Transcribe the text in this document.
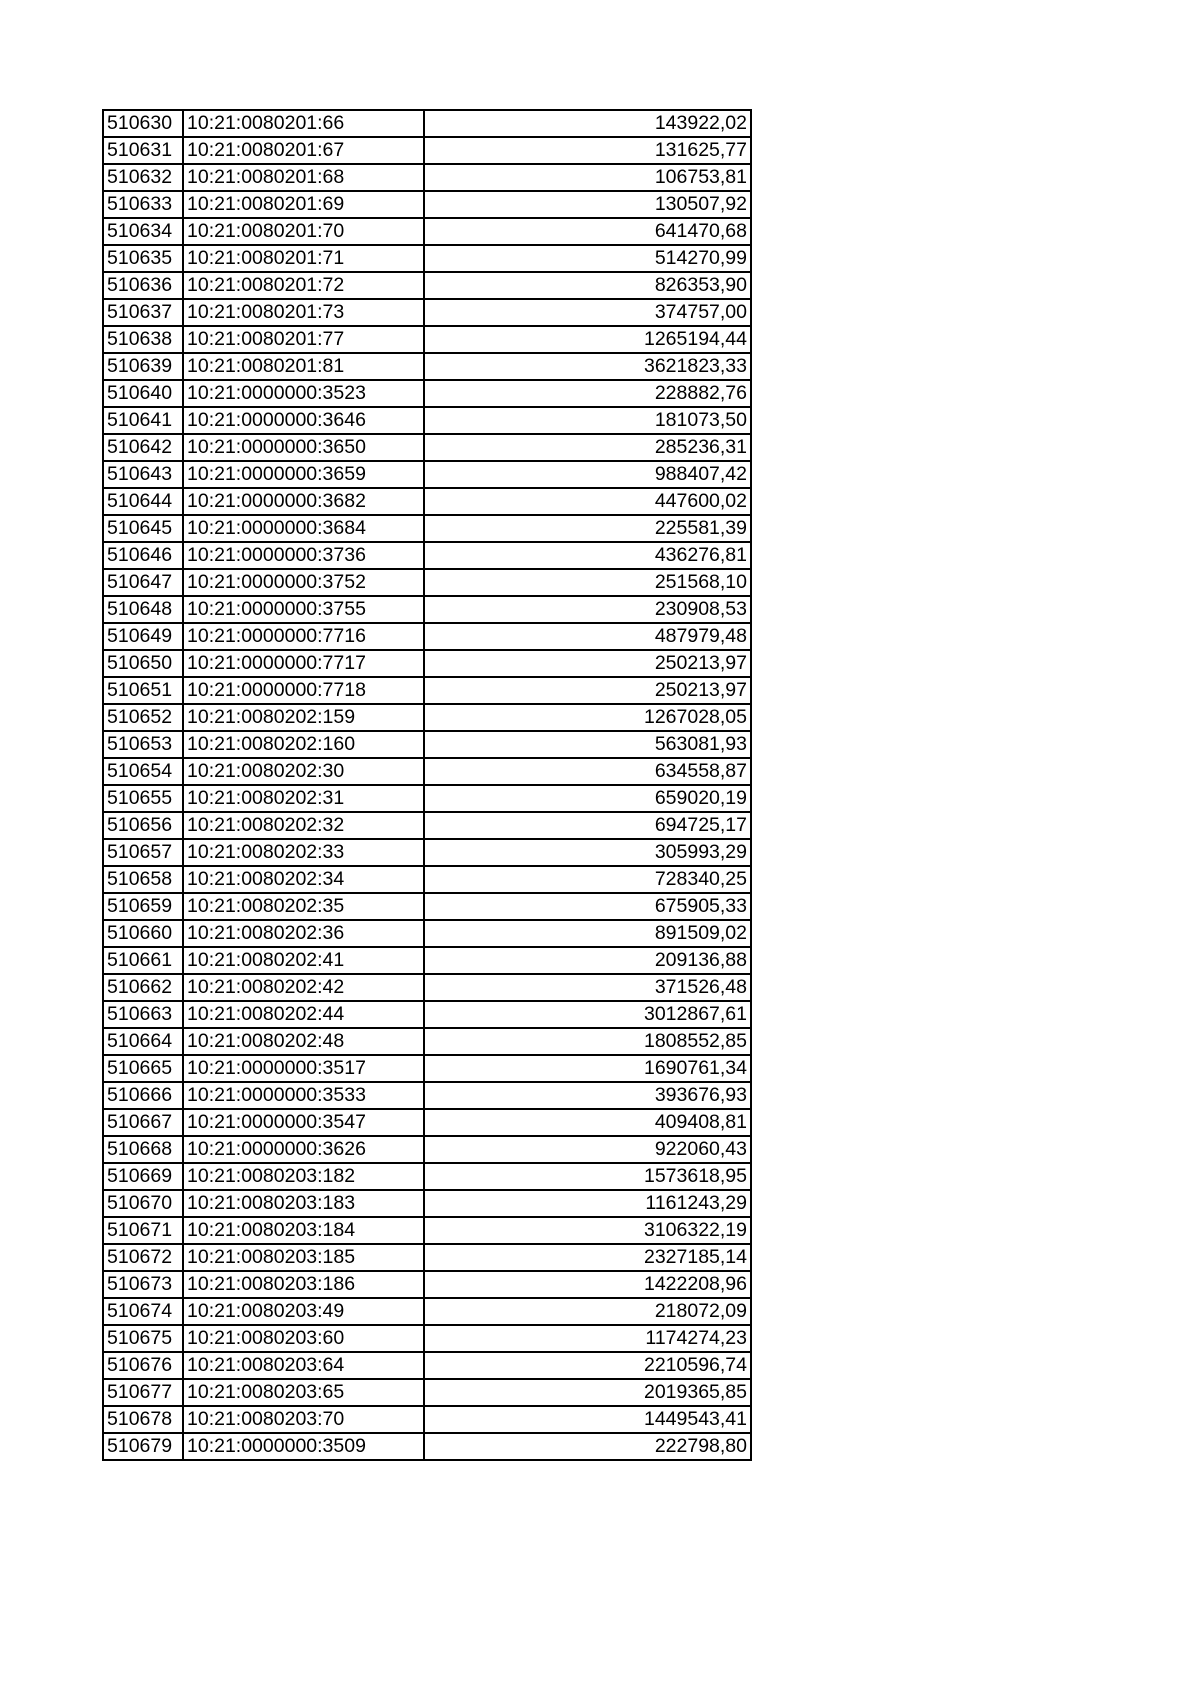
510630	10:21:0080201:66	143922,02
510631	10:21:0080201:67	131625,77
510632	10:21:0080201:68	106753,81
510633	10:21:0080201:69	130507,92
510634	10:21:0080201:70	641470,68
510635	10:21:0080201:71	514270,99
510636	10:21:0080201:72	826353,90
510637	10:21:0080201:73	374757,00
510638	10:21:0080201:77	1265194,44
510639	10:21:0080201:81	3621823,33
510640	10:21:0000000:3523	228882,76
510641	10:21:0000000:3646	181073,50
510642	10:21:0000000:3650	285236,31
510643	10:21:0000000:3659	988407,42
510644	10:21:0000000:3682	447600,02
510645	10:21:0000000:3684	225581,39
510646	10:21:0000000:3736	436276,81
510647	10:21:0000000:3752	251568,10
510648	10:21:0000000:3755	230908,53
510649	10:21:0000000:7716	487979,48
510650	10:21:0000000:7717	250213,97
510651	10:21:0000000:7718	250213,97
510652	10:21:0080202:159	1267028,05
510653	10:21:0080202:160	563081,93
510654	10:21:0080202:30	634558,87
510655	10:21:0080202:31	659020,19
510656	10:21:0080202:32	694725,17
510657	10:21:0080202:33	305993,29
510658	10:21:0080202:34	728340,25
510659	10:21:0080202:35	675905,33
510660	10:21:0080202:36	891509,02
510661	10:21:0080202:41	209136,88
510662	10:21:0080202:42	371526,48
510663	10:21:0080202:44	3012867,61
510664	10:21:0080202:48	1808552,85
510665	10:21:0000000:3517	1690761,34
510666	10:21:0000000:3533	393676,93
510667	10:21:0000000:3547	409408,81
510668	10:21:0000000:3626	922060,43
510669	10:21:0080203:182	1573618,95
510670	10:21:0080203:183	1161243,29
510671	10:21:0080203:184	3106322,19
510672	10:21:0080203:185	2327185,14
510673	10:21:0080203:186	1422208,96
510674	10:21:0080203:49	218072,09
510675	10:21:0080203:60	1174274,23
510676	10:21:0080203:64	2210596,74
510677	10:21:0080203:65	2019365,85
510678	10:21:0080203:70	1449543,41
510679	10:21:0000000:3509	222798,80
